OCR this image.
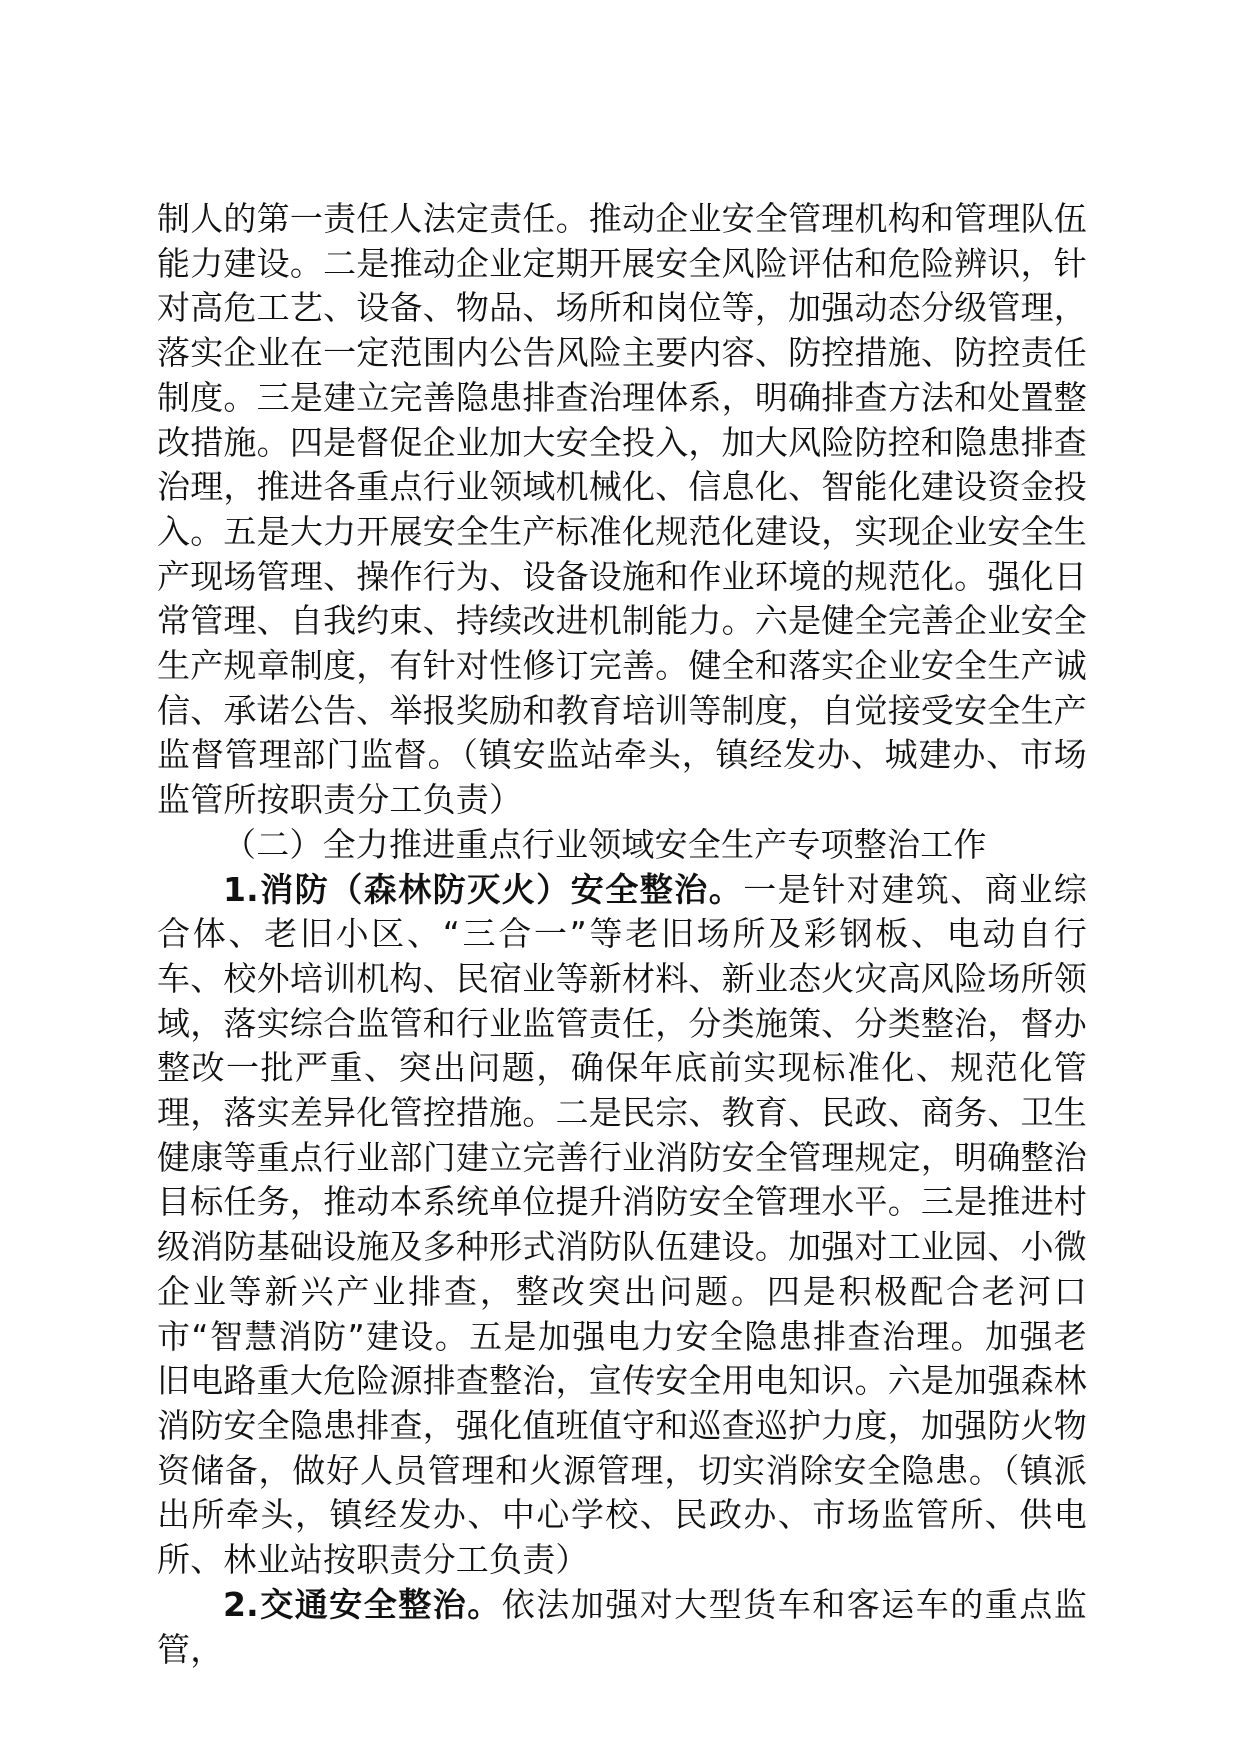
制人的第一责任人法定责任。推动企业安全管理机构和管理队伍能力建设。二是推动企业定期开展安全风险评估和危险辨识，针对高危工艺、设备、物品、场所和岗位等，加强动态分级管理，落实企业在一定范围内公告风险主要内容、防控措施、防控责任制度。三是建立完善隐患排查治理体系，明确排查方法和处置整改措施。四是督促企业加大安全投入，加大风险防控和隐患排查治理，推进各重点行业领域机械化、信息化、智能化建设资金投入。五是大力开展安全生产标准化规范化建设，实现企业安全生产现场管理、操作行为、设备设施和作业环境的规范化。强化日常管理、自我约束、持续改进机制能力。六是健全完善企业安全生产规章制度，有针对性修订完善。健全和落实企业安全生产诚信、承诺公告、举报奖励和教育培训等制度，自觉接受安全生产监督管理部门监督。（镇安监站牵头，镇经发办、城建办、市场监管所按职责分工负责）

（二）全力推进重点行业领域安全生产专项整治工作

1.消防（森林防灭火）安全整治。一是针对建筑、商业综合体、老旧小区、“三合一”等老旧场所及彩钢板、电动自行车、校外培训机构、民宿业等新材料、新业态火灾高风险场所领域，落实综合监管和行业监管责任，分类施策、分类整治，督办整改一批严重、突出问题，确保年底前实现标准化、规范化管理，落实差异化管控措施。二是民宗、教育、民政、商务、卫生健康等重点行业部门建立完善行业消防安全管理规定，明确整治目标任务，推动本系统单位提升消防安全管理水平。三是推进村级消防基础设施及多种形式消防队伍建设。加强对工业园、小微企业等新兴产业排查，整改突出问题。四是积极配合老河口市“智慧消防”建设。五是加强电力安全隐患排查治理。加强老旧电路重大危险源排查整治，宣传安全用电知识。六是加强森林消防安全隐患排查，强化值班值守和巡查巡护力度，加强防火物资储备，做好人员管理和火源管理，切实消除安全隐患。（镇派出所牵头，镇经发办、中心学校、民政办、市场监管所、供电所、林业站按职责分工负责）

2.交通安全整治。依法加强对大型货车和客运车的重点监管，
